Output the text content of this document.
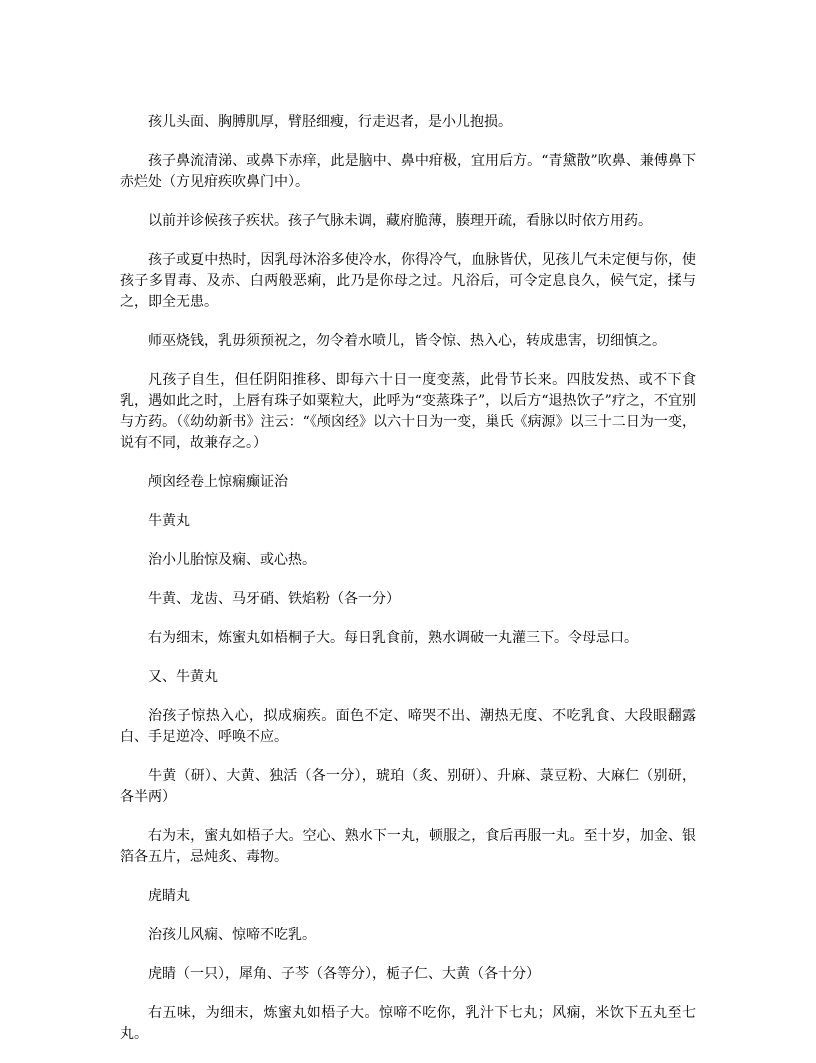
孩儿头面、胸膊肌厚，臂胫细瘦，行走迟者，是小儿抱损。

孩子鼻流清涕、或鼻下赤痒，此是脑中、鼻中疳极，宜用后方。“青黛散”吹鼻、兼傅鼻下赤烂处（方见疳疾吹鼻门中）。

以前并诊候孩子疾状。孩子气脉未调，藏府脆薄，腠理开疏，看脉以时依方用药。

孩子或夏中热时，因乳母沐浴多使冷水，你得冷气，血脉皆伏，见孩儿气未定便与你，使孩子多胃毒、及赤、白两般恶痢，此乃是你母之过。凡浴后，可令定息良久，候气定，揉与之，即全无患。

师巫烧钱，乳毋须预祝之，勿令着水喷儿，皆令惊、热入心，转成患害，切细慎之。

凡孩子自生，但任阴阳推移、即每六十日一度变蒸，此骨节长来。四肢发热、或不下食乳，遇如此之时，上唇有珠子如粟粒大，此呼为“变蒸珠子”，以后方“退热饮子”疗之，不宜别与方药。（《幼幼新书》注云：“《颅囟经》以六十日为一变，巢氏《病源》以三十二日为一变，说有不同，故兼存之。）

颅囟经卷上惊痫癫证治

牛黄丸

治小儿胎惊及痫、或心热。

牛黄、龙齿、马牙硝、铁焰粉（各一分）

右为细末，炼蜜丸如梧桐子大。每日乳食前，熟水调破一丸灌三下。令母忌口。

又、牛黄丸

治孩子惊热入心，拟成痫疾。面色不定、啼哭不出、潮热无度、不吃乳食、大段眼翻露白、手足逆冷、呼唤不应。

牛黄（研）、大黄、独活（各一分），琥珀（炙、别研）、升麻、菉豆粉、大麻仁（别研，各半两）

右为末，蜜丸如梧子大。空心、熟水下一丸，顿服之，食后再服一丸。至十岁，加金、银箔各五片，忌炖炙、毒物。

虎睛丸

治孩儿风痫、惊啼不吃乳。

虎睛（一只），犀角、子芩（各等分），栀子仁、大黄（各十分）

右五味，为细末，炼蜜丸如梧子大。惊啼不吃你，乳汁下七丸；风痫，米饮下五丸至七丸。
